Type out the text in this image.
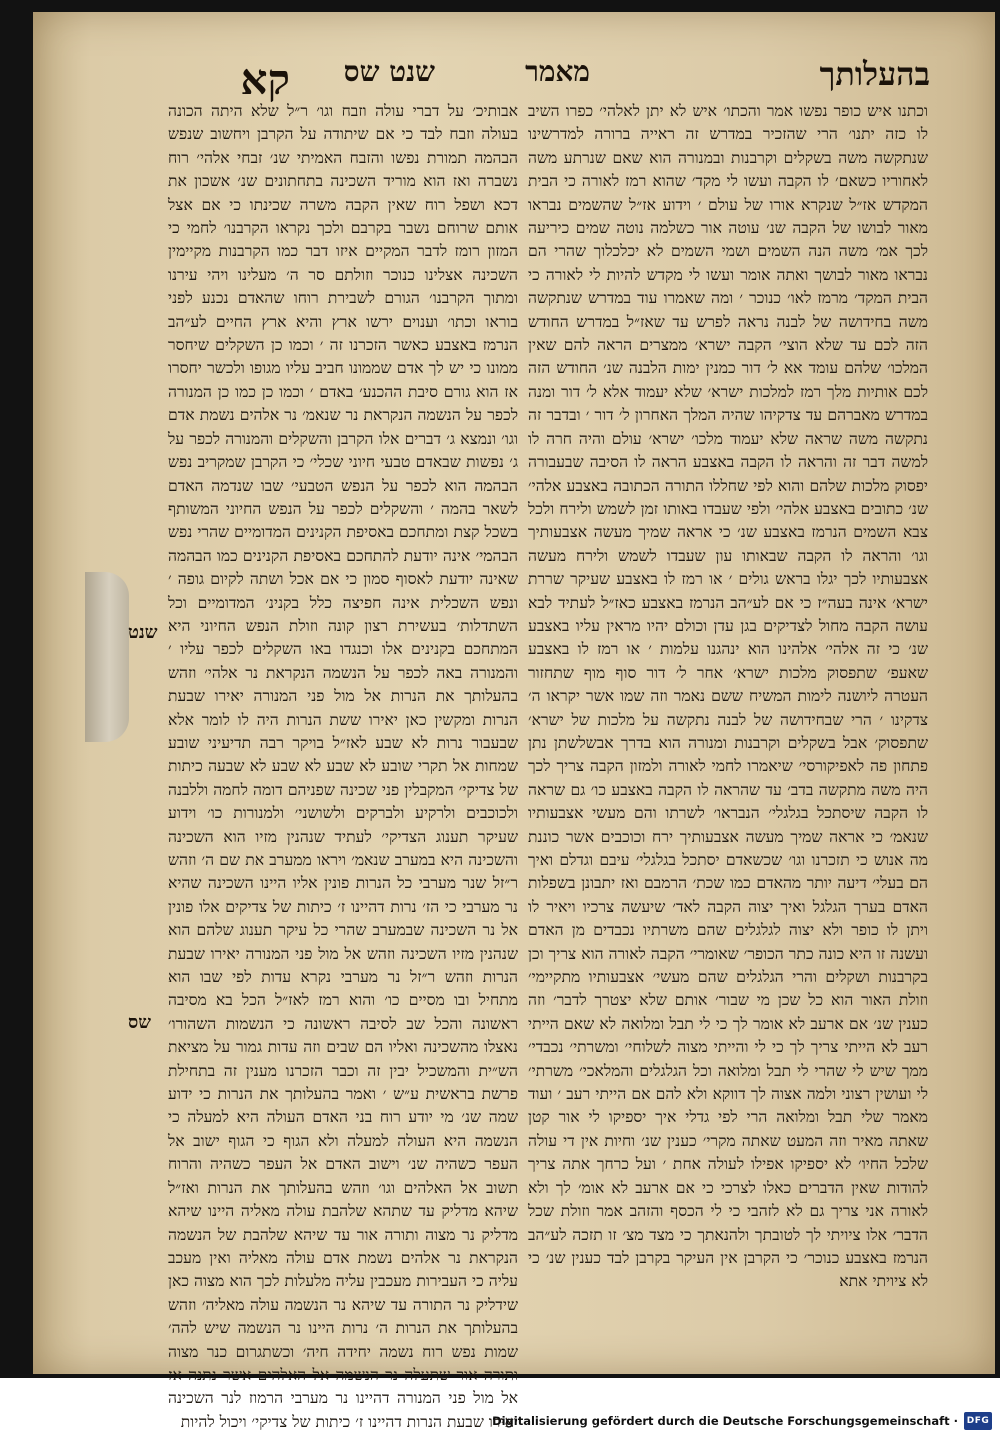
בהעלותך
מאמר
שנט שס
קא

וכתנו איש כופר נפשו אמר והכתו׳ איש לא יתן לאלהי׳ כפרו השיב לו כזה יתנו׳ הרי שהזכיר במדרש זה ראייה ברורה למדרשינו שנתקשה משה בשקלים וקרבנות ובמנורה הוא שאם שנרתע משה לאחוריו כשאם׳ לו הקבה ועשו לי מקד׳ שהוא רמז לאורה כי הבית המקדש אז״ל שנקרא אורו של עולם ׳ וידוע אז״ל שהשמים נבראו מאור לבושו של הקבה שנ׳ עוטה אור כשלמה נוטה שמים כיריעה לכך אמ׳ משה הנה השמים ושמי השמים לא יכלכלוך שהרי הם נבראו מאור לבושך ואתה אומר ועשו לי מקדש להיות לי לאורה כי הבית המקד׳ מרמז לאו׳ כנוכר ׳ ומה שאמרו עוד במדרש שנתקשה משה בחידושה של לבנה נראה לפרש עד שאז״ל במדרש החודש הזה לכם עד שלא הוצי׳ הקבה ישרא׳ ממצרים הראה להם שאין המלכו׳ שלהם עומד אא ל׳ דור כמנין ימות הלבנה שנ׳ החודש הזה לכם אותיות מלך רמז למלכות ישרא׳ שלא יעמוד אלא ל׳ דור ומנה במדרש מאברהם עד צדקיהו שהיה המלך האחרון ל׳ דור ׳ ובדבר זה נתקשה משה שראה שלא יעמוד מלכו׳ ישרא׳ עולם והיה חרה לו למשה דבר זה והראה לו הקבה באצבע הראה לו הסיבה שבעבורה יפסוק מלכות שלהם והוא לפי שחללו התורה הכתובה באצבע אלהי׳ שנ׳ כתובים באצבע אלהי׳ ולפי שעבדו באותו זמן לשמש ולירח ולכל צבא השמים הנרמז באצבע שנ׳ כי אראה שמיך מעשה אצבעותיך וגו׳ והראה לו הקבה שבאותו עון שעבדו לשמש ולירח מעשה אצבעותיו לכך יגלו בראש גולים ׳ או רמז לו באצבע שעיקר שררת ישרא׳ אינה בעה״ז כי אם לע״הב הנרמז באצבע כאז״ל לעתיד לבא עושה הקבה מחול לצדיקים בגן עדן וכולם יהיו מראין עליו באצבע שנ׳ כי זה אלהי׳ אלהינו הוא ינהגנו עלמות ׳ או רמז לו באצבע שאעפ׳ שתפסוק מלכות ישרא׳ אחר ל׳ דור סוף מוף שתחזור העטרה ליושנה לימות המשיח ששם נאמר וזה שמו אשר יקראו ה׳ צדקינו ׳ הרי שבחידושה של לבנה נתקשה על מלכות של ישרא׳ שתפסוק׳ אבל בשקלים וקרבנות ומנורה הוא בדרך אבשלשתן נתן פתחון פה לאפיקורסי׳ שיאמרו לחמי לאורה ולמזון הקבה צריך לכך היה משה מתקשה בדב׳ עד שהראה לו הקבה באצבע כו׳ גם שראה לו הקבה שיסתכל בגלגלי׳ הנבראו׳ לשרתו והם מעשי אצבעותיו שנאמ׳ כי אראה שמיך מעשה אצבעותיך ירח וכוכבים אשר כוננת מה אנוש כי תזכרנו וגו׳ שכשאדם יסתכל בגלגלי׳ עיבם וגדלם ואיך הם בעלי׳ דיעה יותר מהאדם כמו שכת׳ הרמבם ואז יתבונן בשפלות האדם בערך הגלגל ואיך יצוה הקבה לאד׳ שיעשה צרכיו ויאיר לו ויתן לו כופר ולא יצוה לגלגלים שהם משרתיו נכבדים מן האדם ועשנה זו היא כונה כתר הכופר׳ שאומרי׳ הקבה לאורה הוא צריך וכן בקרבנות ושקלים והרי הגלגלים שהם מעשי׳ אצבעותיו מתקיימי׳ וזולת האור הוא כל שכן מי שבור׳ אותם שלא יצטרך לדבר׳ וזה כענין שנ׳ אם ארעב לא אומר לך כי לי תבל ומלואה לא שאם הייתי רעב לא הייתי צריך לך כי לי והייתי מצוה לשלוחי׳ ומשרתי׳ נכבדי׳ ממך שיש לי שהרי לי תבל ומלואה וכל הגלגלים והמלאכי׳ משרתי׳ לי ועושין רצוני ולמה אצוה לך דווקא ולא להם אם הייתי רעב ׳ ועוד מאמר שלי תבל ומלואה הרי לפי גדלי איך יספיקו לי אור קטן שאתה מאיר וזה המעט שאתה מקרי׳ כענין שנ׳ וחיות אין די עולה שלכל החיו׳ לא יספיקו אפילו לעולה אחת ׳ ועל כרחך אתה צריך להודות שאין הדברים כאלו לצרכי כי אם ארעב לא אומ׳ לך ולא לאורה אני צריך גם לא לזהבי כי לי הכסף והזהב אמר וזולת שכל הדבר׳ אלו ציויתי לך לטובתך ולהנאתך כי מצד מצ׳ זו תזכה לע״הב הנרמז באצבע כנוכר׳ כי הקרבן אין העיקר בקרבן לבד כענין שנ׳ כי לא ציויתי אתא

אבותיכ׳ על דברי עולה וזבח וגו׳ ר״ל שלא היתה הכונה בעולה וזבח לבד כי אם שיתודה על הקרבן ויחשוב שנפש הבהמה תמורת נפשו והזבח האמיתי שנ׳ זבחי אלהי׳ רוח נשברה ואז הוא מוריד השכינה בתחתונים שנ׳ אשכון את דכא ושפל רוח שאין הקבה משרה שכינתו כי אם אצל אותם שרוחם נשבר בקרבם ולכך נקראו הקרבנו׳ לחמי כי המזון רומז לדבר המקיים איזו דבר כמו הקרבנות מקיימין השכינה אצלינו כנוכר וזולתם סר ה׳ מעלינו ויהי עירנו ומתוך הקרבנו׳ הגורם לשבירת רוחו שהאדם נכנע לפני בוראו וכתו׳ וענוים ירשו ארץ והיא ארץ החיים לע״הב הנרמז באצבע כאשר הזכרנו זה ׳ וכמו כן השקלים שיחסר ממונו כי יש לך אדם שממונו חביב עליו מגופו ולכשר יחסרו אז הוא גורם סיבת ההכנע׳ באדם ׳ וכמו כן כמו כן המנורה לכפר על הנשמה הנקראת נר שנאמ׳ נר אלהים נשמת אדם וגו׳ ונמצא ג׳ דברים אלו הקרבן והשקלים והמנורה לכפר על ג׳ נפשות שבאדם טבעי חיוני שכלי׳ כי הקרבן שמקריב נפש הבהמה הוא לכפר על הנפש הטבעי׳ שבו שנדמה האדם לשאר בהמה ׳ והשקלים לכפר על הנפש החיוני המשותף בשכל קצת ומתחכם באסיפת הקנינים המדומיים שהרי נפש הבהמי׳ אינה יודעת להתחכם באסיפת הקנינים כמו הבהמה שאינה יודעת לאסוף סמון כי אם אכל ושתה לקיום גופה ׳ ונפש השכלית אינה חפיצה כלל בקנינ׳ המדומיים וכל השתדלות׳ בעשירת רצון קונה וזולת הנפש החיוני היא המתחכם בקנינים אלו וכנגדו באו השקלים לכפר עליו ׳ והמנורה באה לכפר על הנשמה הנקראת נר אלהי׳ וזהש בהעלותך את הנרות אל מול פני המנורה יאירו שבעת הנרות ומקשין כאן יאירו ששת הנרות היה לו לומר אלא שבעבור נרות לא שבע לאז״ל בויקר רבה תדיעיני שובע שמחות אל תקרי שובע לא שבע לא שבע לא שבעה כיתות של צדיקי׳ המקבלין פני שכינה שפניהם דומה לחמה וללבנה ולכוכבים ולרקיע ולברקים ולשושני׳ ולמנורות כו׳ וידוע שעיקר תענוג הצדיקי׳ לעתיד שנהנין מזיו הוא השכינה והשכינה היא במערב שנאמ׳ ויראו ממערב את שם ה׳ וזהש ר״זל שנר מערבי כל הנרות פונין אליו היינו השכינה שהיא נר מערבי כי הז׳ נרות דהיינו ז׳ כיתות של צדיקים אלו פונין אל נר השכינה שבמערב שהרי כל עיקר תענוג שלהם הוא שנהנין מזיו השכינה וזהש אל מול פני המנורה יאירו שבעת הנרות וזהש ר״זל נר מערבי נקרא עדות לפי שבו הוא מתחיל ובו מסיים כו׳ והוא רמז לאז״ל הכל בא מסיבה ראשונה והכל שב לסיבה ראשונה כי הנשמות השהורו׳ נאצלו מהשכינה ואליו הם שבים וזה עדות גמור על מציאת הש״ית והמשכיל יבין זה וכבר הזכרנו מענין זה בתחילת פרשת בראשית ע״ש ׳ ואמר בהעלותך את הנרות כי ידוע שמה שנ׳ מי יודע רוח בני האדם העולה היא למעלה כי הנשמה היא העולה למעלה ולא הגוף כי הגוף ישוב אל העפר כשהיה שנ׳ וישוב האדם אל העפר כשהיה והרוח תשוב אל האלהים וגו׳ וזהש בהעלותך את הנרות ואז״ל שיהא מדליק עד שתהא שלהבת עולה מאליה היינו שיהא מדליק נר מצוה ותורה אור עד שיהא שלהבת של הנשמה הנקראת נר אלהים נשמת אדם עולה מאליה ואין מעכב עליה כי העבירות מעכבין עליה מלעלות לכך הוא מצוה כאן שידליק נר התורה עד שיהא נר הנשמה עולה מאליה׳ וזהש בהעלותך את הנרות ה׳ נרות היינו נר הנשמה שיש להה׳ שמות נפש רוח נשמה יחידה חיה׳ וכשתגרום כנר מצוה ותורה אור שתעלה נר הנשמה אל האלהים אשר נתנה אז אל מול פני המנורה דהיינו נר מערבי הרמוז לנר השכינה יאירו שבעת הנרות דהיינו ז׳ כיתות של צדיקי׳ ויכול להיות

שנט
שס
Digitalisierung gefördert durch die Deutsche Forschungsgemeinschaft · DFG
